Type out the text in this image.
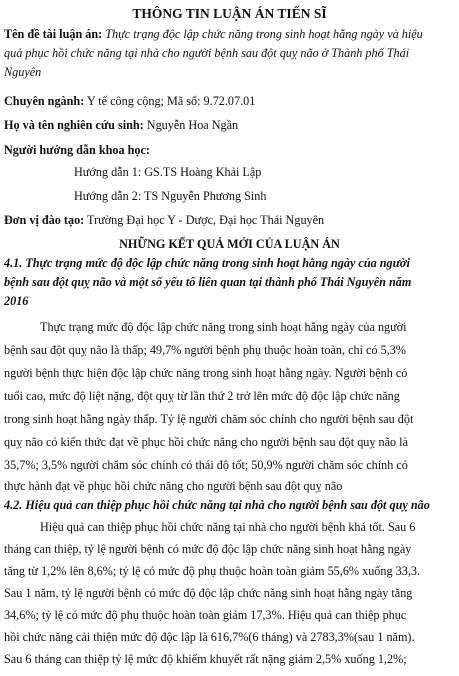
THÔNG TIN LUẬN ÁN TIẾN SĨ
Tên đề tài luận án: Thực trạng độc lập chức năng trong sinh hoạt hằng ngày và hiệu
quả phục hồi chức năng tại nhà cho người bệnh sau đột quỵ não ở Thành phố Thái
Nguyên
Chuyên ngành: Y tế công cộng; Mã số: 9.72.07.01
Họ và tên nghiên cứu sinh: Nguyễn Hoa Ngần
Người hướng dẫn khoa học:
Hướng dẫn 1: GS.TS Hoàng Khải Lập
Hướng dẫn 2: TS Nguyễn Phương Sinh
Đơn vị đào tạo: Trường Đại học Y - Dược, Đại học Thái Nguyên
NHỮNG KẾT QUẢ MỚI CỦA LUẬN ÁN
4.1. Thực trạng mức độ độc lập chức năng trong sinh hoạt hằng ngày của người
bệnh sau đột quỵ não và một số yếu tố liên quan tại thành phố Thái Nguyên năm
2016
Thực trạng mức độ độc lập chức năng trong sinh hoạt hằng ngày của người
bệnh sau đột quỵ não là thấp; 49,7% người bệnh phụ thuộc hoàn toàn, chỉ có 5,3%
người bệnh thực hiện độc lập chức năng trong sinh hoạt hằng ngày. Người bệnh có
tuổi cao, mức độ liệt nặng, đột quỵ từ lần thứ 2 trở lên mức độ độc lập chức năng
trong sinh hoạt hằng ngày thấp. Tỷ lệ người chăm sóc chính cho người bệnh sau đột
quỵ não có kiến thức đạt về phục hồi chức năng cho người bệnh sau đột quỵ não là
35,7%; 3,5% người chăm sóc chính có thái độ tốt; 50,9% người chăm sóc chính có
thực hành đạt về phục hồi chức năng cho người bệnh sau đột quỵ não
4.2. Hiệu quả can thiệp phục hồi chức năng tại nhà cho người bệnh sau đột quỵ não
Hiệu quả can thiệp phục hồi chức năng tại nhà cho người bệnh khá tốt. Sau 6
tháng can thiệp, tỷ lệ người bệnh có mức độ độc lập chức năng sinh hoạt hằng ngày
tăng từ 1,2% lên 8,6%; tỷ lệ có mức độ phụ thuộc hoàn toàn giảm 55,6% xuống 33,3.
Sau 1 năm, tỷ lệ người bệnh có mức độ độc lập chức năng sinh hoạt hằng ngày tăng
34,6%; tỷ lệ có mức độ phụ thuộc hoàn toàn giảm 17,3%. Hiệu quả can thiệp phục
hồi chức năng cải thiện mức độ độc lập là 616,7%(6 tháng) và 2783,3%(sau 1 năm).
Sau 6 tháng can thiệp tỷ lệ mức độ khiếm khuyết rất nặng giảm 2,5% xuống 1,2%;
